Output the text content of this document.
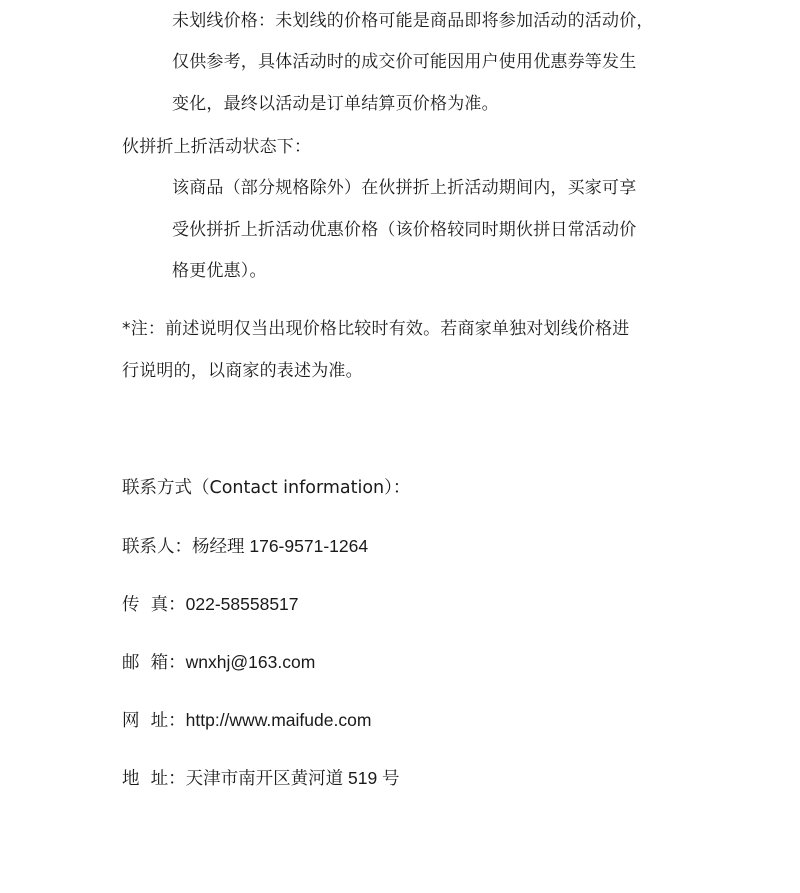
未划线价格：未划线的价格可能是商品即将参加活动的活动价，
仅供参考，具体活动时的成交价可能因用户使用优惠券等发生
变化，最终以活动是订单结算页价格为准。
伙拼折上折活动状态下：
该商品（部分规格除外）在伙拼折上折活动期间内，买家可享
受伙拼折上折活动优惠价格（该价格较同时期伙拼日常活动价
格更优惠）。
*注：前述说明仅当出现价格比较时有效。若商家单独对划线价格进
行说明的，以商家的表述为准。
联系方式（Contact information）：
联系人：杨经理 176-9571-1264
传  真：022-58558517
邮  箱：wnxhj@163.com
网  址：http://www.maifude.com
地  址：天津市南开区黄河道 519 号
